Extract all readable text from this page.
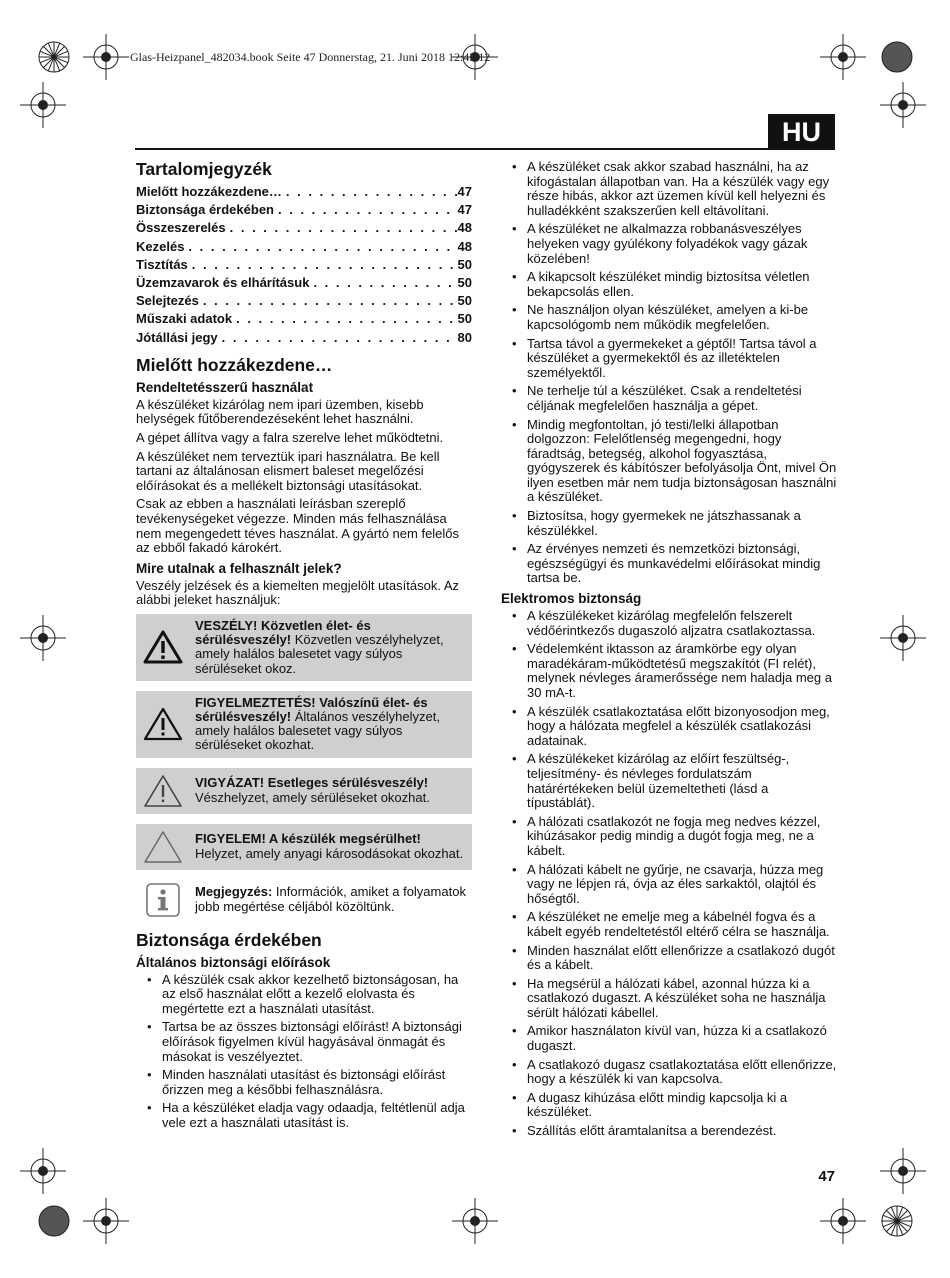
Glas-Heizpanel_482034.book Seite 47 Donnerstag, 21. Juni 2018 12:43 12
HU
Tartalomjegyzék
Mielőtt hozzákezdene… . . .	47
Biztonsága érdekében . . .	47
Összeszerelés . . .	48
Kezelés . . .	48
Tisztítás . . .	50
Üzemzavarok és elhárításuk . . .	50
Selejtezés . . .	50
Műszaki adatok . . .	50
Jótállási jegy . . .	80
Mielőtt hozzákezdene…
Rendeltetésszerű használat

A készüléket kizárólag nem ipari üzemben, kisebb helységek fűtőberendezéseként lehet használni.

A gépet állítva vagy a falra szerelve lehet működtetni.

A készüléket nem terveztük ipari használatra. Be kell tartani az általánosan elismert baleset megelőzési előírásokat és a mellékelt biztonsági utasításokat.

Csak az ebben a használati leírásban szereplő tevékenységeket végezze. Minden más felhasználása nem megengedett téves használat. A gyártó nem felelős az ebből fakadó károkért.

Mire utalnak a felhasznált jelek?

Veszély jelzések és a kiemelten megjelölt utasítások. Az alábbi jeleket használjuk:

VESZÉLY! Közvetlen élet- és sérülésveszély! Közvetlen veszélyhelyzet, amely halálos balesetet vagy súlyos sérüléseket okoz.
FIGYELMEZTETÉS! Valószínű élet- és sérülésveszély! Általános veszélyhelyzet, amely halálos balesetet vagy súlyos sérüléseket okozhat.
VIGYÁZAT! Esetleges sérülésveszély! Vészhelyzet, amely sérüléseket okozhat.
FIGYELEM! A készülék megsérülhet! Helyzet, amely anyagi károsodásokat okozhat.
Megjegyzés: Információk, amiket a folyamatok jobb megértése céljából közöltünk.
Biztonsága érdekében
Általános biztonsági előírások
• A készülék csak akkor kezelhető biztonságosan, ha az első használat előtt a kezelő elolvasta és megértette ezt a használati utasítást.
• Tartsa be az összes biztonsági előírást! A biztonsági előírások figyelmen kívül hagyásával önmagát és másokat is veszélyeztet.
• Minden használati utasítást és biztonsági előírást őrizzen meg a későbbi felhasználásra.
• Ha a készüléket eladja vagy odaadja, feltétlenül adja vele ezt a használati utasítást is.
• A készüléket csak akkor szabad használni, ha az kifogástalan állapotban van. Ha a készülék vagy egy része hibás, akkor azt üzemen kívül kell helyezni és hulladékként szakszerűen kell eltávolítani.
• A készüléket ne alkalmazza robbanásveszélyes helyeken vagy gyúlékony folyadékok vagy gázak közelében!
• A kikapcsolt készüléket mindig biztosítsa véletlen bekapcsolás ellen.
• Ne használjon olyan készüléket, amelyen a ki-be kapcsológomb nem működik megfelelően.
• Tartsa távol a gyermekeket a géptől! Tartsa távol a készüléket a gyermekektől és az illetéktelen személyektől.
• Ne terhelje túl a készüléket. Csak a rendeltetési céljának megfelelően használja a gépet.
• Mindig megfontoltan, jó testi/lelki állapotban dolgozzon: Felelőtlenség megengedni, hogy fáradtság, betegség, alkohol fogyasztása, gyógyszerek és kábítószer befolyásolja Önt, mivel Ön ilyen esetben már nem tudja biztonságosan használni a készüléket.
• Biztosítsa, hogy gyermekek ne játszhassanak a készülékkel.
• Az érvényes nemzeti és nemzetközi biztonsági, egészségügyi és munkavédelmi előírásokat mindig tartsa be.
Elektromos biztonság
• A készülékeket kizárólag megfelelőn felszerelt védőérintkezős dugaszoló aljzatra csatlakoztassa.
• Védelemként iktasson az áramkörbe egy olyan maradékáram-működtetésű megszakítót (FI relét), melynek névleges áramerőssége nem haladja meg a 30 mA-t.
• A készülék csatlakoztatása előtt bizonyosodjon meg, hogy a hálózata megfelel a készülék csatlakozási adatainak.
• A készülékeket kizárólag az előírt feszültség-, teljesítmény- és névleges fordulatszám határértékeken belül üzemeltetheti (lásd a típustáblát).
• A hálózati csatlakozót ne fogja meg nedves kézzel, kihúzásakor pedig mindig a dugót fogja meg, ne a kábelt.
• A hálózati kábelt ne gyűrje, ne csavarja, húzza meg vagy ne lépjen rá, óvja az éles sarkaktól, olajtól és hőségtől.
• A készüléket ne emelje meg a kábelnél fogva és a kábelt egyéb rendeltetéstől eltérő célra se használja.
• Minden használat előtt ellenőrizze a csatlakozó dugót és a kábelt.
• Ha megsérül a hálózati kábel, azonnal húzza ki a csatlakozó dugaszt. A készüléket soha ne használja sérült hálózati kábellel.
• Amikor használaton kívül van, húzza ki a csatlakozó dugaszt.
• A csatlakozó dugasz csatlakoztatása előtt ellenőrizze, hogy a készülék ki van kapcsolva.
• A dugasz kihúzása előtt mindig kapcsolja ki a készüléket.
• Szállítás előtt áramtalanítsa a berendezést.
47
